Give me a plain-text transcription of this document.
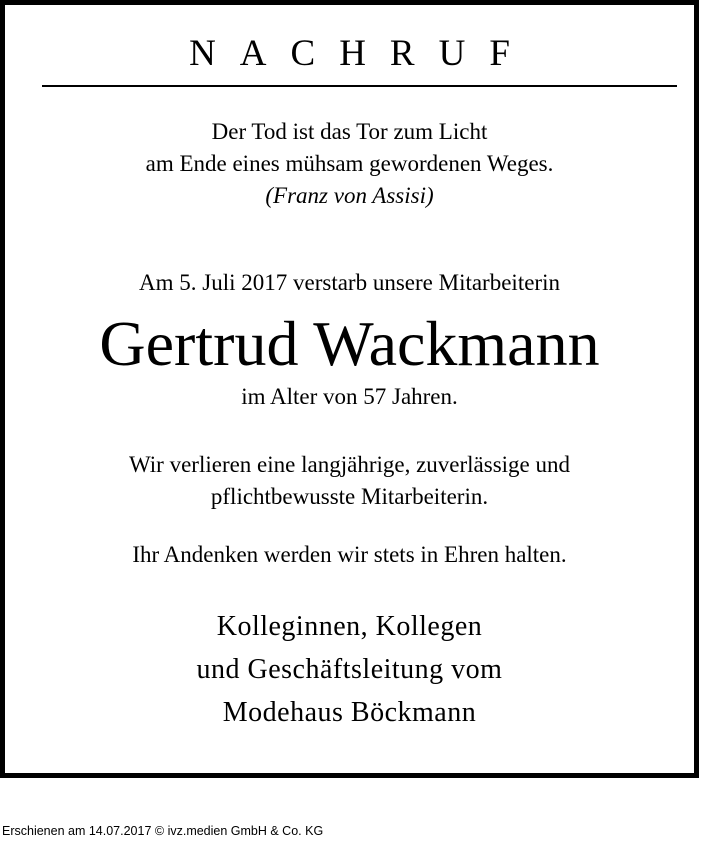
NACHRUF
Der Tod ist das Tor zum Licht
am Ende eines mühsam gewordenen Weges.
(Franz von Assisi)
Am 5. Juli 2017 verstarb unsere Mitarbeiterin
Gertrud Wackmann
im Alter von 57 Jahren.
Wir verlieren eine langjährige, zuverlässige und
pflichtbewusste Mitarbeiterin.
Ihr Andenken werden wir stets in Ehren halten.
Kolleginnen, Kollegen
und Geschäftsleitung vom
Modehaus Böckmann
Erschienen am 14.07.2017 © ivz.medien GmbH & Co. KG
